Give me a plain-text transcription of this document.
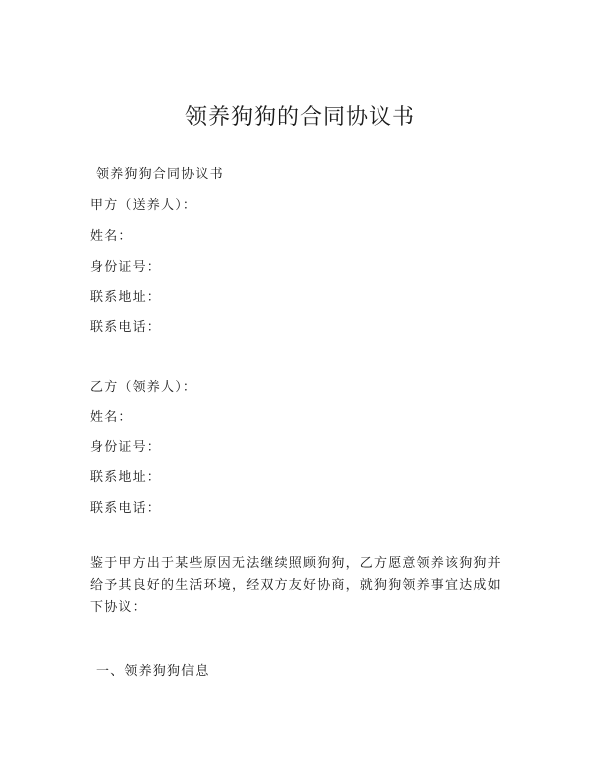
领养狗狗的合同协议书

领养狗狗合同协议书

甲方（送养人）：

姓名：

身份证号：

联系地址：

联系电话：

乙方（领养人）：

姓名：

身份证号：

联系地址：

联系电话：

鉴于甲方出于某些原因无法继续照顾狗狗，乙方愿意领养该狗狗并给予其良好的生活环境，经双方友好协商，就狗狗领养事宜达成如下协议：

一、领养狗狗信息
